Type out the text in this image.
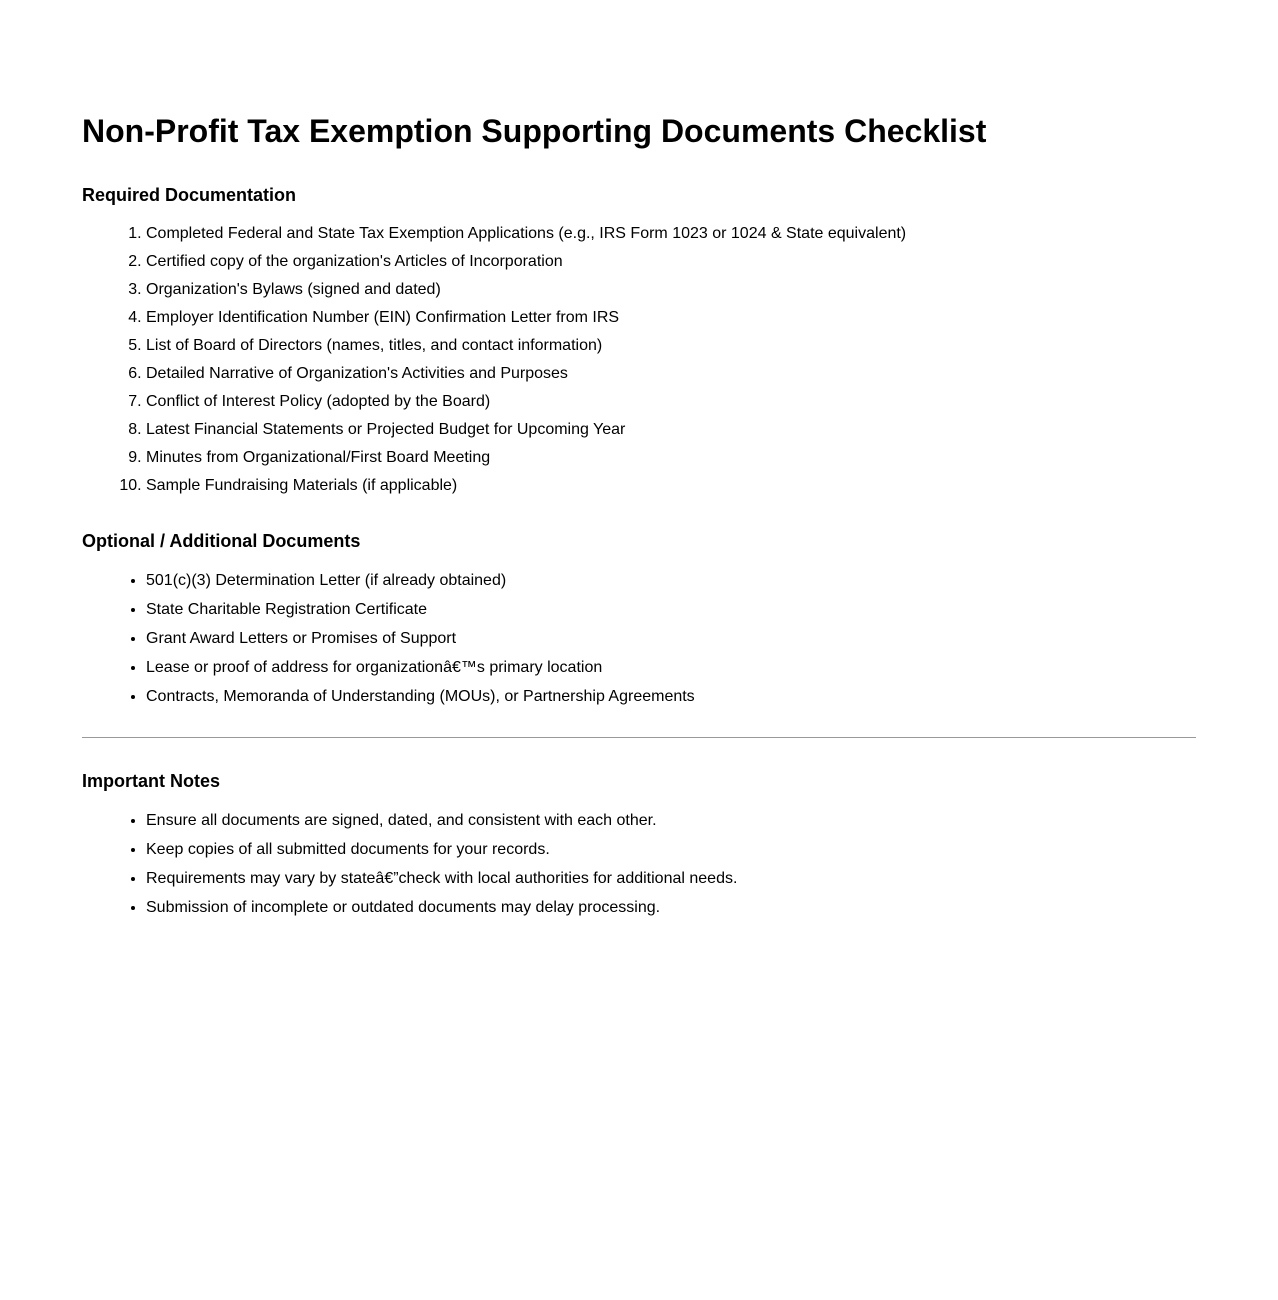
Non-Profit Tax Exemption Supporting Documents Checklist
Required Documentation
1. Completed Federal and State Tax Exemption Applications (e.g., IRS Form 1023 or 1024 & State equivalent)
2. Certified copy of the organization's Articles of Incorporation
3. Organization's Bylaws (signed and dated)
4. Employer Identification Number (EIN) Confirmation Letter from IRS
5. List of Board of Directors (names, titles, and contact information)
6. Detailed Narrative of Organization's Activities and Purposes
7. Conflict of Interest Policy (adopted by the Board)
8. Latest Financial Statements or Projected Budget for Upcoming Year
9. Minutes from Organizational/First Board Meeting
10. Sample Fundraising Materials (if applicable)
Optional / Additional Documents
• 501(c)(3) Determination Letter (if already obtained)
• State Charitable Registration Certificate
• Grant Award Letters or Promises of Support
• Lease or proof of address for organizationâ€™s primary location
• Contracts, Memoranda of Understanding (MOUs), or Partnership Agreements
Important Notes
• Ensure all documents are signed, dated, and consistent with each other.
• Keep copies of all submitted documents for your records.
• Requirements may vary by stateâ€”check with local authorities for additional needs.
• Submission of incomplete or outdated documents may delay processing.
